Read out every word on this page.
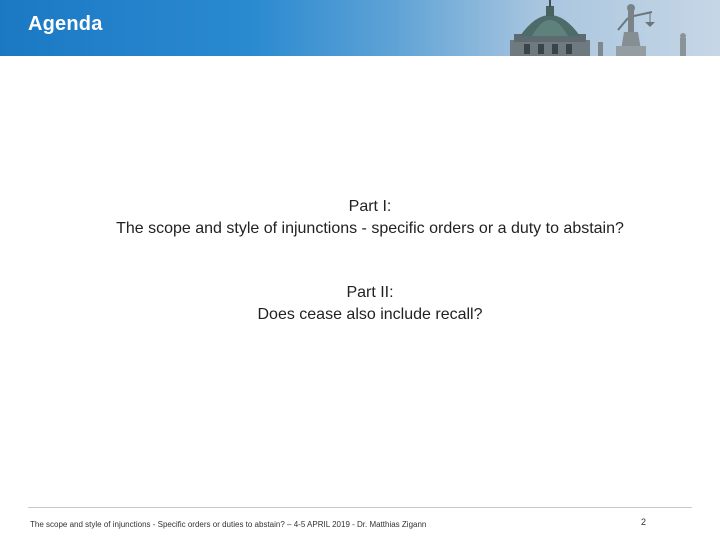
Agenda
Part I:
The scope and style of injunctions - specific orders or a duty to abstain?
Part II:
Does cease also include recall?
The scope and style of injunctions - Specific orders or duties to abstain? – 4-5 APRIL 2019 - Dr. Matthias Zigann	2
